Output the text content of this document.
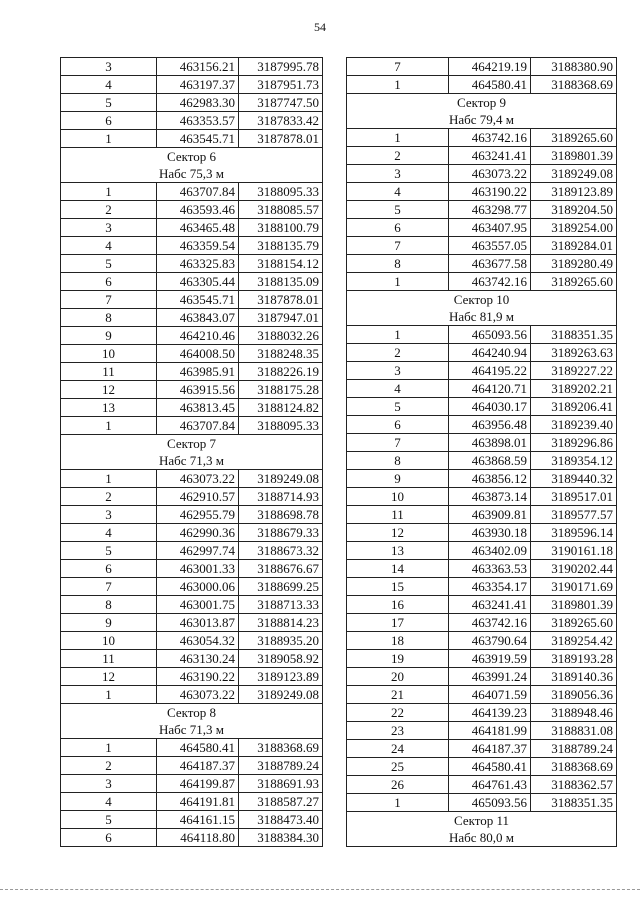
54
3	463156.21	3187995.78
4	463197.37	3187951.73
5	462983.30	3187747.50
6	463353.57	3187833.42
1	463545.71	3187878.01
Сектор 6		
Набс 75,3 м		
1	463707.84	3188095.33
2	463593.46	3188085.57
3	463465.48	3188100.79
4	463359.54	3188135.79
5	463325.83	3188154.12
6	463305.44	3188135.09
7	463545.71	3187878.01
8	463843.07	3187947.01
9	464210.46	3188032.26
10	464008.50	3188248.35
11	463985.91	3188226.19
12	463915.56	3188175.28
13	463813.45	3188124.82
1	463707.84	3188095.33
Сектор 7		
Набс 71,3 м		
1	463073.22	3189249.08
2	462910.57	3188714.93
3	462955.79	3188698.78
4	462990.36	3188679.33
5	462997.74	3188673.32
6	463001.33	3188676.67
7	463000.06	3188699.25
8	463001.75	3188713.33
9	463013.87	3188814.23
10	463054.32	3188935.20
11	463130.24	3189058.92
12	463190.22	3189123.89
1	463073.22	3189249.08
Сектор 8		
Набс 71,3 м		
1	464580.41	3188368.69
2	464187.37	3188789.24
3	464199.87	3188691.93
4	464191.81	3188587.27
5	464161.15	3188473.40
6	464118.80	3188384.30
7	464219.19	3188380.90
1	464580.41	3188368.69
Сектор 9		
Набс 79,4 м		
1	463742.16	3189265.60
2	463241.41	3189801.39
3	463073.22	3189249.08
4	463190.22	3189123.89
5	463298.77	3189204.50
6	463407.95	3189254.00
7	463557.05	3189284.01
8	463677.58	3189280.49
1	463742.16	3189265.60
Сектор 10		
Набс 81,9 м		
1	465093.56	3188351.35
2	464240.94	3189263.63
3	464195.22	3189227.22
4	464120.71	3189202.21
5	464030.17	3189206.41
6	463956.48	3189239.40
7	463898.01	3189296.86
8	463868.59	3189354.12
9	463856.12	3189440.32
10	463873.14	3189517.01
11	463909.81	3189577.57
12	463930.18	3189596.14
13	463402.09	3190161.18
14	463363.53	3190202.44
15	463354.17	3190171.69
16	463241.41	3189801.39
17	463742.16	3189265.60
18	463790.64	3189254.42
19	463919.59	3189193.28
20	463991.24	3189140.36
21	464071.59	3189056.36
22	464139.23	3188948.46
23	464181.99	3188831.08
24	464187.37	3188789.24
25	464580.41	3188368.69
26	464761.43	3188362.57
1	465093.56	3188351.35
Сектор 11		
Набс 80,0 м		
